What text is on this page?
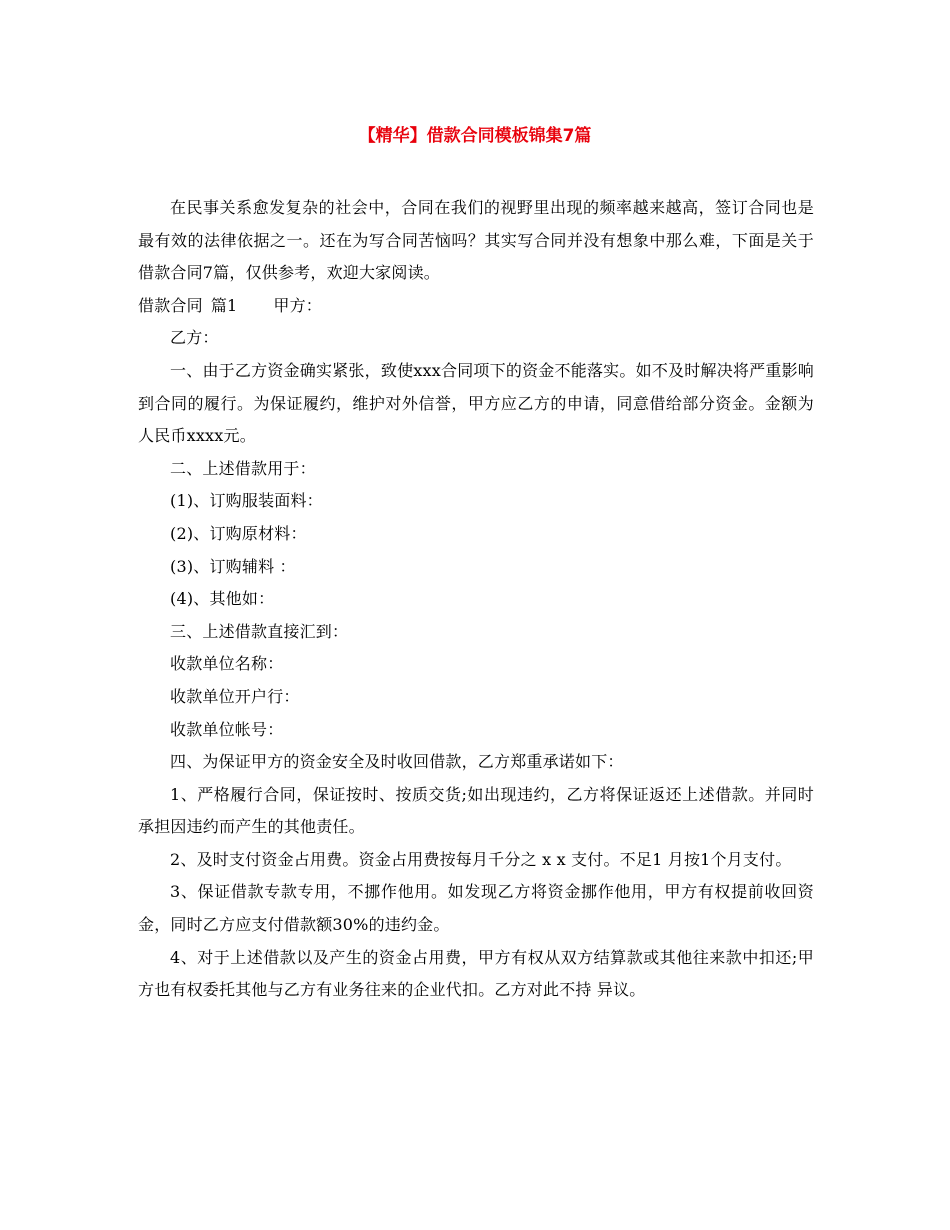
【精华】借款合同模板锦集7篇

在民事关系愈发复杂的社会中，合同在我们的视野里出现的频率越来越高，签订合同也是最有效的法律依据之一。还在为写合同苦恼吗？其实写合同并没有想象中那么难，下面是关于借款合同7篇，仅供参考，欢迎大家阅读。

借款合同 篇1 甲方：

乙方：

一、由于乙方资金确实紧张，致使xxx合同项下的资金不能落实。如不及时解决将严重影响到合同的履行。为保证履约，维护对外信誉，甲方应乙方的申请，同意借给部分资金。金额为人民币xxxx元。

二、上述借款用于：

(1)、订购服装面料：

(2)、订购原材料：

(3)、订购辅料 ：

(4)、其他如：

三、上述借款直接汇到：

收款单位名称：

收款单位开户行：

收款单位帐号：

四、为保证甲方的资金安全及时收回借款，乙方郑重承诺如下：

1、严格履行合同，保证按时、按质交货;如出现违约，乙方将保证返还上述借款。并同时承担因违约而产生的其他责任。

2、及时支付资金占用费。资金占用费按每月千分之 x x 支付。不足1 月按1个月支付。

3、保证借款专款专用，不挪作他用。如发现乙方将资金挪作他用，甲方有权提前收回资金，同时乙方应支付借款额30%的违约金。

4、对于上述借款以及产生的资金占用费，甲方有权从双方结算款或其他往来款中扣还;甲方也有权委托其他与乙方有业务往来的企业代扣。乙方对此不持 异议。
